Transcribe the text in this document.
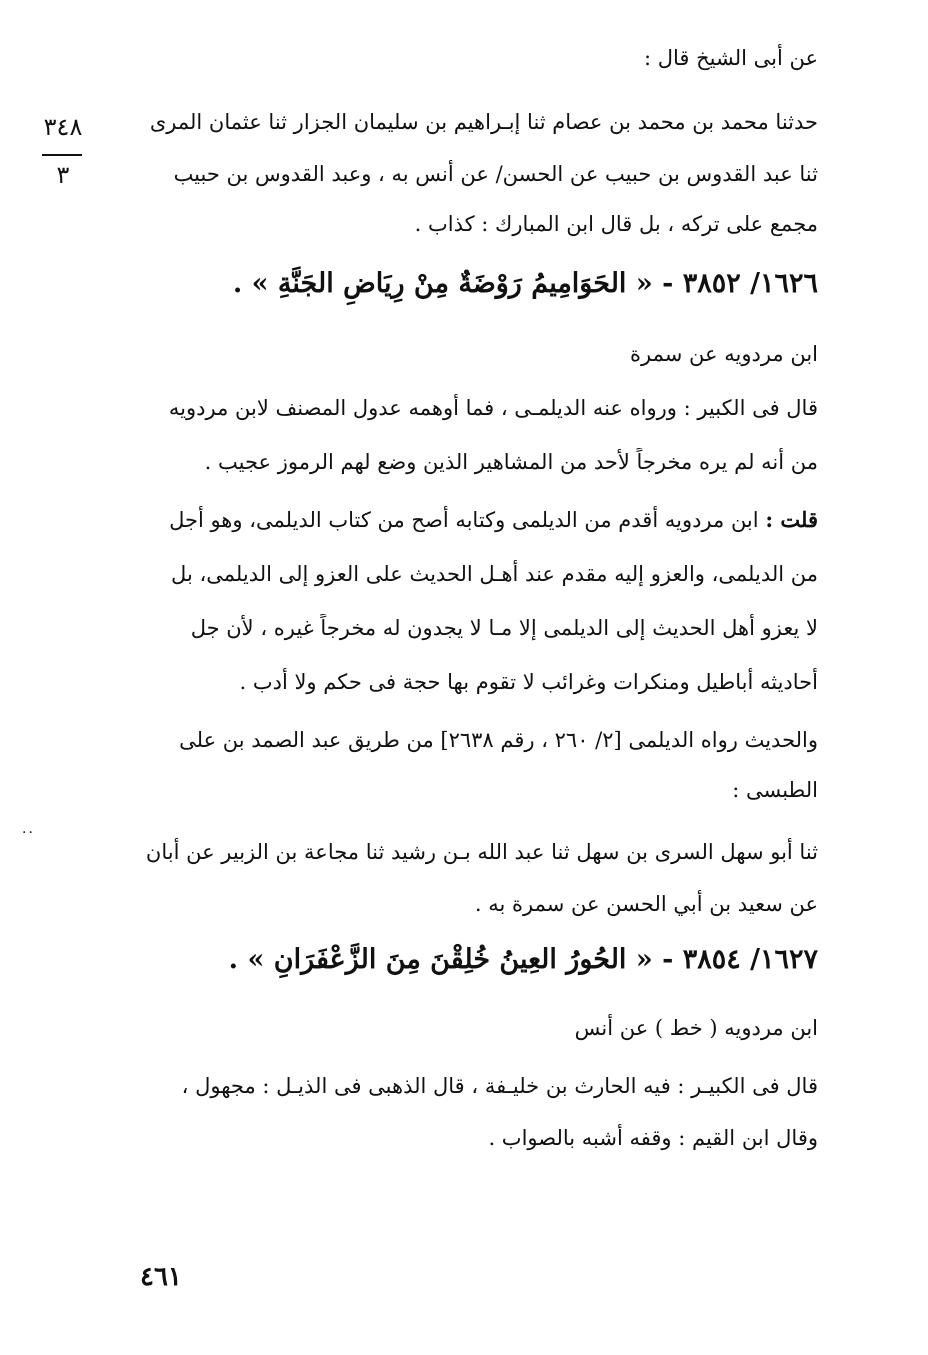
٣٤٨
٣
عن أبى الشيخ قال :
حدثنا محمد بن محمد بن عصام ثنا إبـراهيم بن سليمان الجزار ثنا عثمان المرى
ثنا عبد القدوس بن حبيب عن الحسن/ عن أنس به ، وعبد القدوس بن حبيب
مجمع على تركه ، بل قال ابن المبارك : كذاب .
١٦٢٦/ ٣٨٥٢ - « الحَوَامِيمُ رَوْضَةٌ مِنْ رِيَاضِ الجَنَّةِ » .
ابن مردويه عن سمرة
قال فى الكبير : ورواه عنه الديلمـى ، فما أوهمه عدول المصنف لابن مردويه
من أنه لم يره مخرجاً لأحد من المشاهير الذين وضع لهم الرموز عجيب .
قلت : ابن مردويه أقدم من الديلمى وكتابه أصح من كتاب الديلمى، وهو أجل
من الديلمى، والعزو إليه مقدم عند أهـل الحديث على العزو إلى الديلمى، بل
لا يعزو أهل الحديث إلى الديلمى إلا مـا لا يجدون له مخرجاً غيره ، لأن جل
أحاديثه أباطيل ومنكرات وغرائب لا تقوم بها حجة فى حكم ولا أدب .
والحديث رواه الديلمى [٢/ ٢٦٠ ، رقم ٢٦٣٨] من طريق عبد الصمد بن على
الطبسى :
··
ثنا أبو سهل السرى بن سهل ثنا عبد الله بـن رشيد ثنا مجاعة بن الزبير عن أبان
عن سعيد بن أبي الحسن عن سمرة به .
١٦٢٧/ ٣٨٥٤ - « الحُورُ العِينُ خُلِقْنَ مِنَ الزَّعْفَرَانِ » .
ابن مردويه ( خط ) عن أنس
قال فى الكبيـر : فيه الحارث بن خليـفة ، قال الذهبى فى الذيـل : مجهول ،
وقال ابن القيم : وقفه أشبه بالصواب .
٤٦١
